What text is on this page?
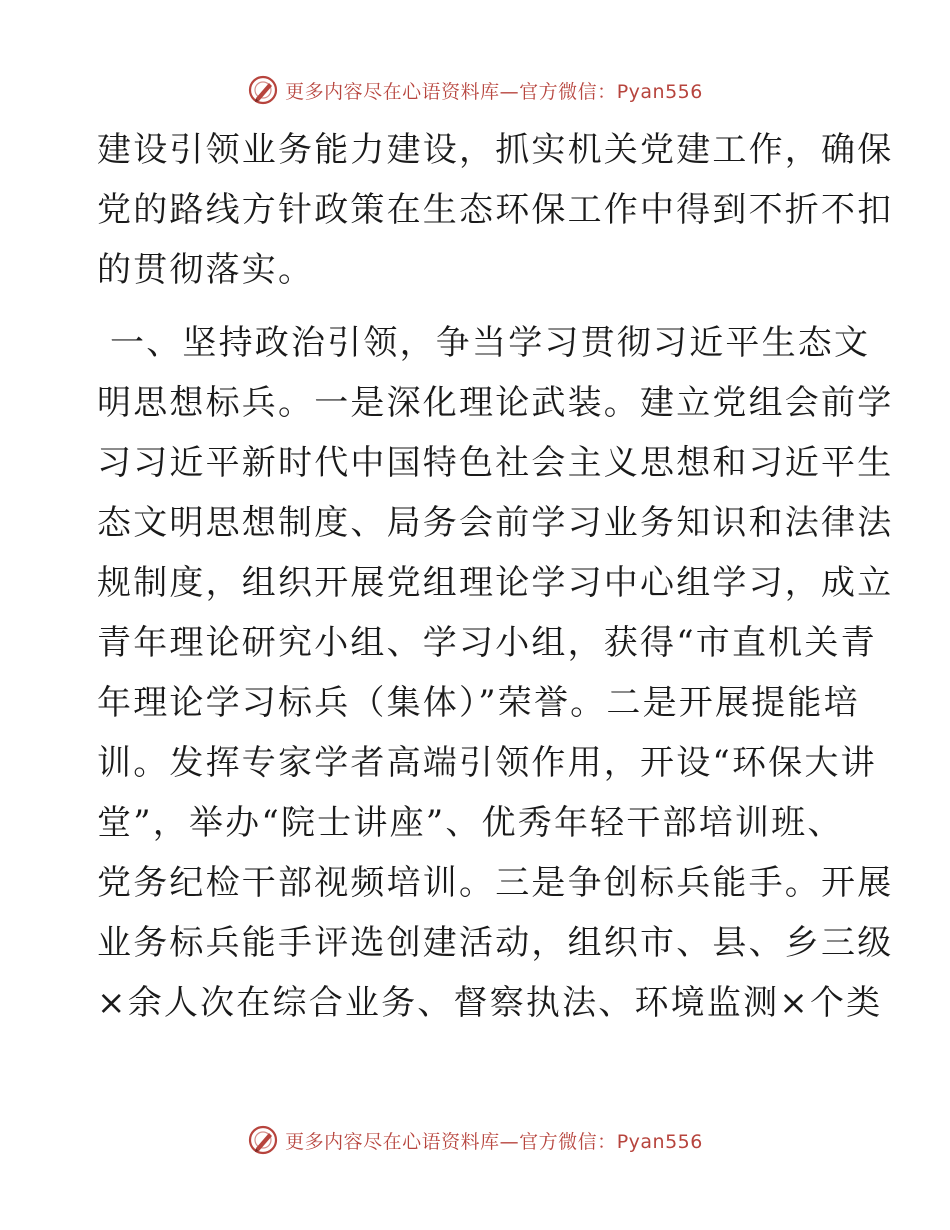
更多内容尽在心语资料库—官方微信：Pyan556
建设引领业务能力建设，抓实机关党建工作，确保
党的路线方针政策在生态环保工作中得到不折不扣
的贯彻落实。
一、坚持政治引领，争当学习贯彻习近平生态文
明思想标兵。一是深化理论武装。建立党组会前学
习习近平新时代中国特色社会主义思想和习近平生
态文明思想制度、局务会前学习业务知识和法律法
规制度，组织开展党组理论学习中心组学习，成立
青年理论研究小组、学习小组，获得“市直机关青
年理论学习标兵（集体）”荣誉。二是开展提能培
训。发挥专家学者高端引领作用，开设“环保大讲
堂”，举办“院士讲座”、优秀年轻干部培训班、
党务纪检干部视频培训。三是争创标兵能手。开展
业务标兵能手评选创建活动，组织市、县、乡三级
×余人次在综合业务、督察执法、环境监测×个类
更多内容尽在心语资料库—官方微信：Pyan556
